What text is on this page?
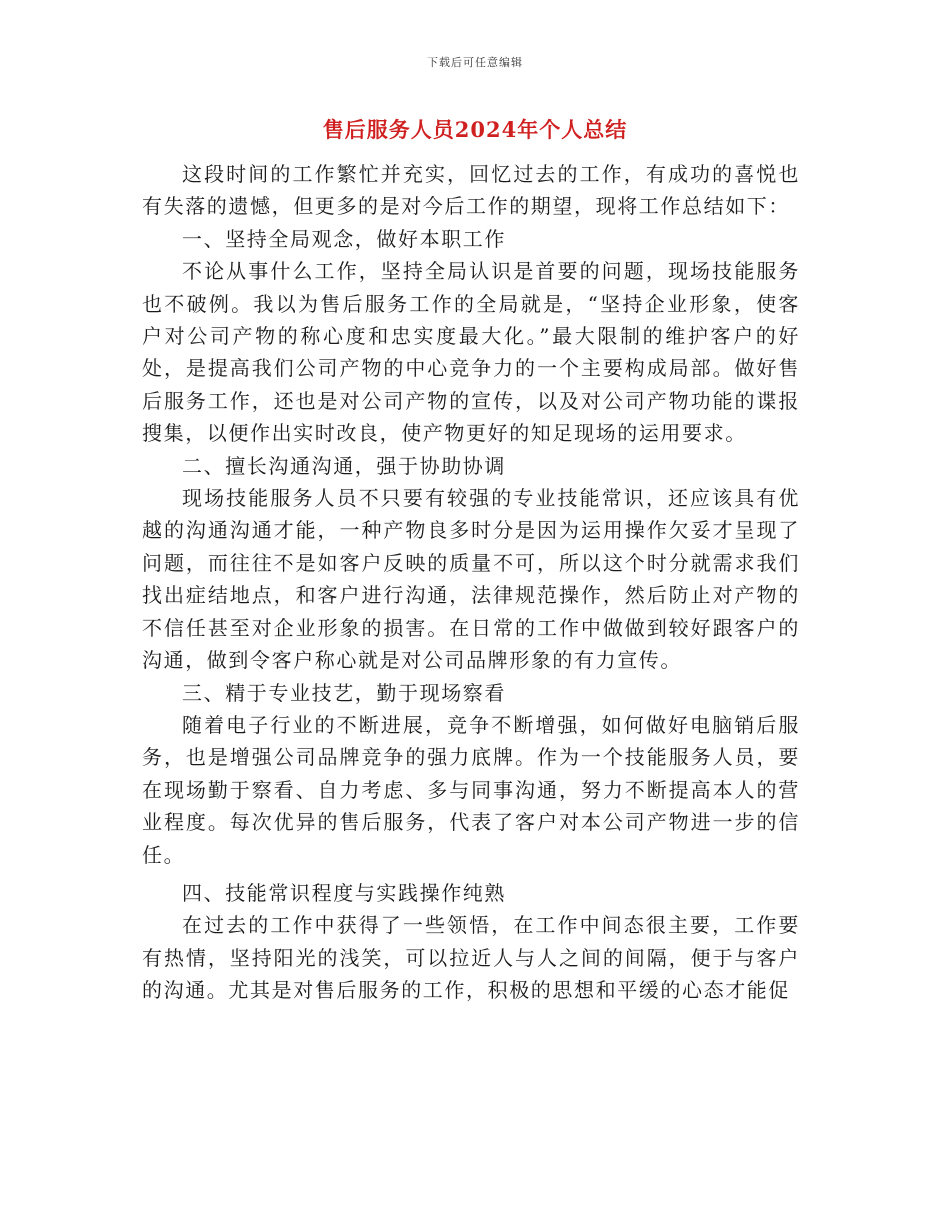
下载后可任意编辑
售后服务人员2024年个人总结

这段时间的工作繁忙并充实，回忆过去的工作，有成功的喜悦也有失落的遗憾，但更多的是对今后工作的期望，现将工作总结如下：

一、坚持全局观念，做好本职工作

不论从事什么工作，坚持全局认识是首要的问题，现场技能服务也不破例。我以为售后服务工作的全局就是，“坚持企业形象，使客户对公司产物的称心度和忠实度最大化。”最大限制的维护客户的好处，是提高我们公司产物的中心竞争力的一个主要构成局部。做好售后服务工作，还也是对公司产物的宣传，以及对公司产物功能的谍报搜集，以便作出实时改良，使产物更好的知足现场的运用要求。

二、擅长沟通沟通，强于协助协调

现场技能服务人员不只要有较强的专业技能常识，还应该具有优越的沟通沟通才能，一种产物良多时分是因为运用操作欠妥才呈现了问题，而往往不是如客户反映的质量不可，所以这个时分就需求我们找出症结地点，和客户进行沟通，法律规范操作，然后防止对产物的不信任甚至对企业形象的损害。在日常的工作中做做到较好跟客户的沟通，做到令客户称心就是对公司品牌形象的有力宣传。

三、精于专业技艺，勤于现场察看

随着电子行业的不断进展，竞争不断增强，如何做好电脑销后服务，也是增强公司品牌竞争的强力底牌。作为一个技能服务人员，要在现场勤于察看、自力考虑、多与同事沟通，努力不断提高本人的营业程度。每次优异的售后服务，代表了客户对本公司产物进一步的信任。

四、技能常识程度与实践操作纯熟

在过去的工作中获得了一些领悟，在工作中间态很主要，工作要有热情，坚持阳光的浅笑，可以拉近人与人之间的间隔，便于与客户的沟通。尤其是对售后服务的工作，积极的思想和平缓的心态才能促
